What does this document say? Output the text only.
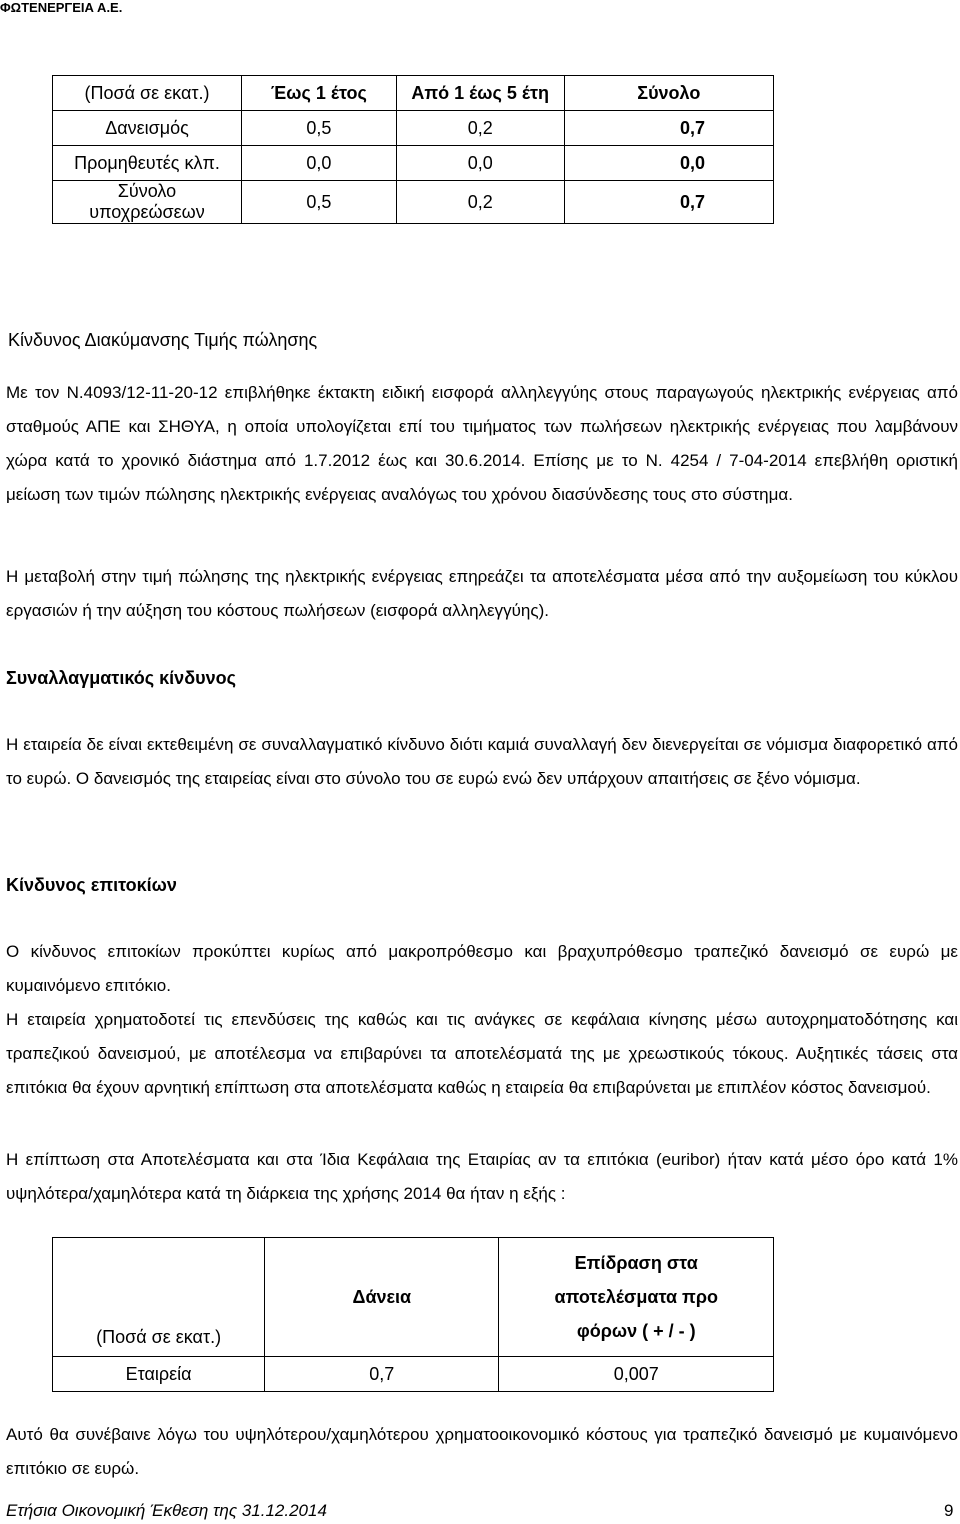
ΦΩΤΕΝΕΡΓΕΙΑ Α.Ε.
(Ποσά σε εκατ.)	Έως 1 έτος	Από 1 έως 5 έτη	Σύνολο
Δανεισμός	0,5	0,2	0,7
Προμηθευτές κλπ.	0,0	0,0	0,0
Σύνολο υποχρεώσεων	0,5	0,2	0,7
Κίνδυνος Διακύμανσης Τιμής πώλησης
Με τον Ν.4093/12-11-20-12 επιβλήθηκε έκτακτη ειδική εισφορά αλληλεγγύης στους παραγωγούς ηλεκτρικής ενέργειας από σταθμούς ΑΠΕ και ΣΗΘΥΑ, η οποία υπολογίζεται επί του τιμήματος των πωλήσεων ηλεκτρικής ενέργειας που λαμβάνουν χώρα κατά το χρονικό διάστημα από 1.7.2012 έως και 30.6.2014. Επίσης με το Ν. 4254 / 7-04-2014 επεβλήθη οριστική μείωση των τιμών πώλησης ηλεκτρικής ενέργειας αναλόγως του χρόνου διασύνδεσης τους στο σύστημα.
Η μεταβολή στην τιμή πώλησης της ηλεκτρικής ενέργειας επηρεάζει τα αποτελέσματα μέσα από την αυξομείωση του κύκλου εργασιών ή την αύξηση του κόστους πωλήσεων (εισφορά αλληλεγγύης).
Συναλλαγματικός κίνδυνος
Η εταιρεία δε είναι εκτεθειμένη σε συναλλαγματικό κίνδυνο διότι καμιά συναλλαγή δεν διενεργείται σε νόμισμα διαφορετικό από το ευρώ. Ο δανεισμός της εταιρείας είναι στο σύνολο του σε ευρώ ενώ δεν υπάρχουν απαιτήσεις σε ξένο νόμισμα.
Κίνδυνος επιτοκίων
Ο κίνδυνος επιτοκίων προκύπτει κυρίως από μακροπρόθεσμο και βραχυπρόθεσμο τραπεζικό δανεισμό σε ευρώ με κυμαινόμενο επιτόκιο.
Η εταιρεία χρηματοδοτεί τις επενδύσεις της καθώς και τις ανάγκες σε κεφάλαια κίνησης μέσω αυτοχρηματοδότησης και τραπεζικού δανεισμού, με αποτέλεσμα να επιβαρύνει τα αποτελέσματά της με χρεωστικούς τόκους. Αυξητικές τάσεις στα επιτόκια θα έχουν αρνητική επίπτωση στα αποτελέσματα καθώς η εταιρεία θα επιβαρύνεται με επιπλέον κόστος δανεισμού.
Η επίπτωση στα Αποτελέσματα και στα Ίδια Κεφάλαια της Εταιρίας αν τα επιτόκια (euribor) ήταν κατά μέσο όρο κατά 1% υψηλότερα/χαμηλότερα κατά τη διάρκεια της χρήσης 2014 θα ήταν η εξής :
(Ποσά σε εκατ.)	Δάνεια	Επίδραση στα
αποτελέσματα προ
φόρων ( + / - )

Εταιρεία	0,7	0,007
Αυτό θα συνέβαινε λόγω του υψηλότερου/χαμηλότερου χρηματοοικονομικό κόστους για τραπεζικό δανεισμό με κυμαινόμενο επιτόκιο σε ευρώ.
Ετήσια Οικονομική Έκθεση της 31.12.2014	9
